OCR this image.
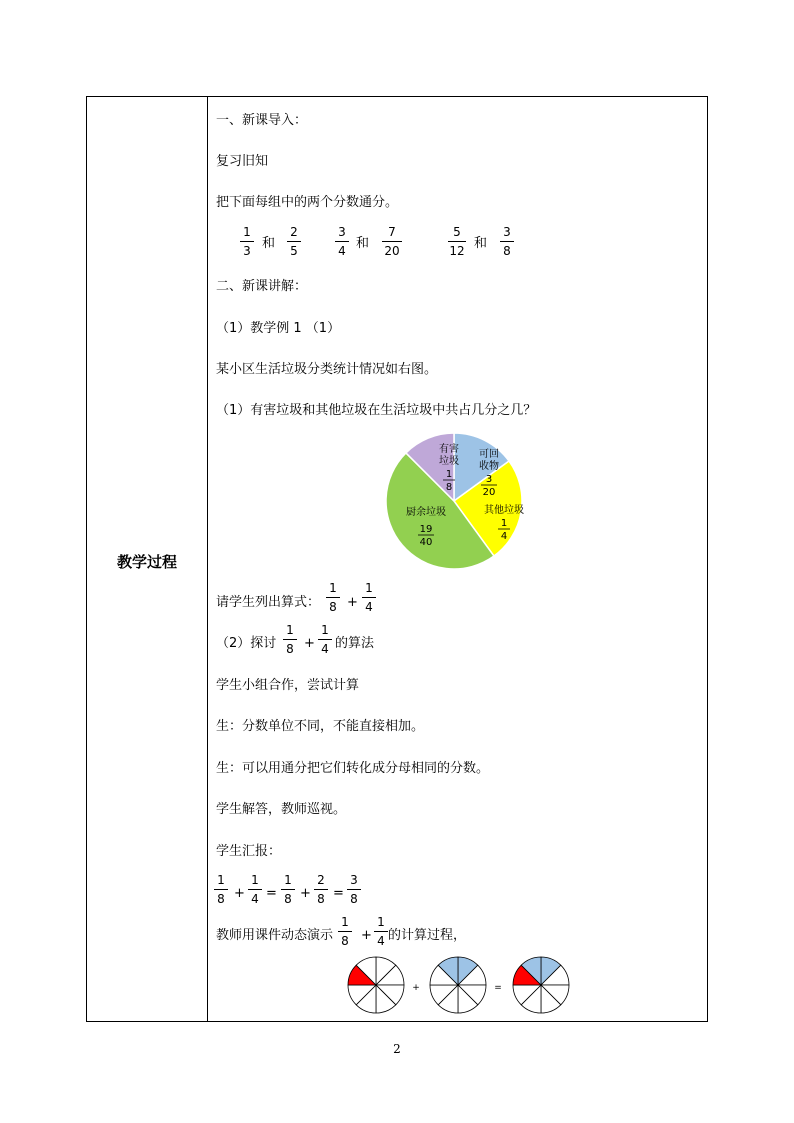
教学过程
一、新课导入：
复习旧知
把下面每组中的两个分数通分。
1
3 和
2
5
3
4 和
7
20
5
12 和
3
8
二、新课讲解：
（1）教学例 1 （1）
某小区生活垃圾分类统计情况如右图。
（1）有害垃圾和其他垃圾在生活垃圾中共占几分之几？
可回
收物
3
20
其他垃圾
1
4
厨余垃圾
19
40
有害
垃圾
1
8
请学生列出算式：
1
8 +
1
4
（2）探讨
1
8 +
1
4 的算法
学生小组合作，尝试计算
生：分数单位不同，不能直接相加。
生：可以用通分把它们转化成分母相同的分数。
学生解答，教师巡视。
学生汇报：
1
8 +
1
4 =
1
8 +
2
8 =
3
8
教师用课件动态演示
1
8 +
1
4 的计算过程，
+	=
2
